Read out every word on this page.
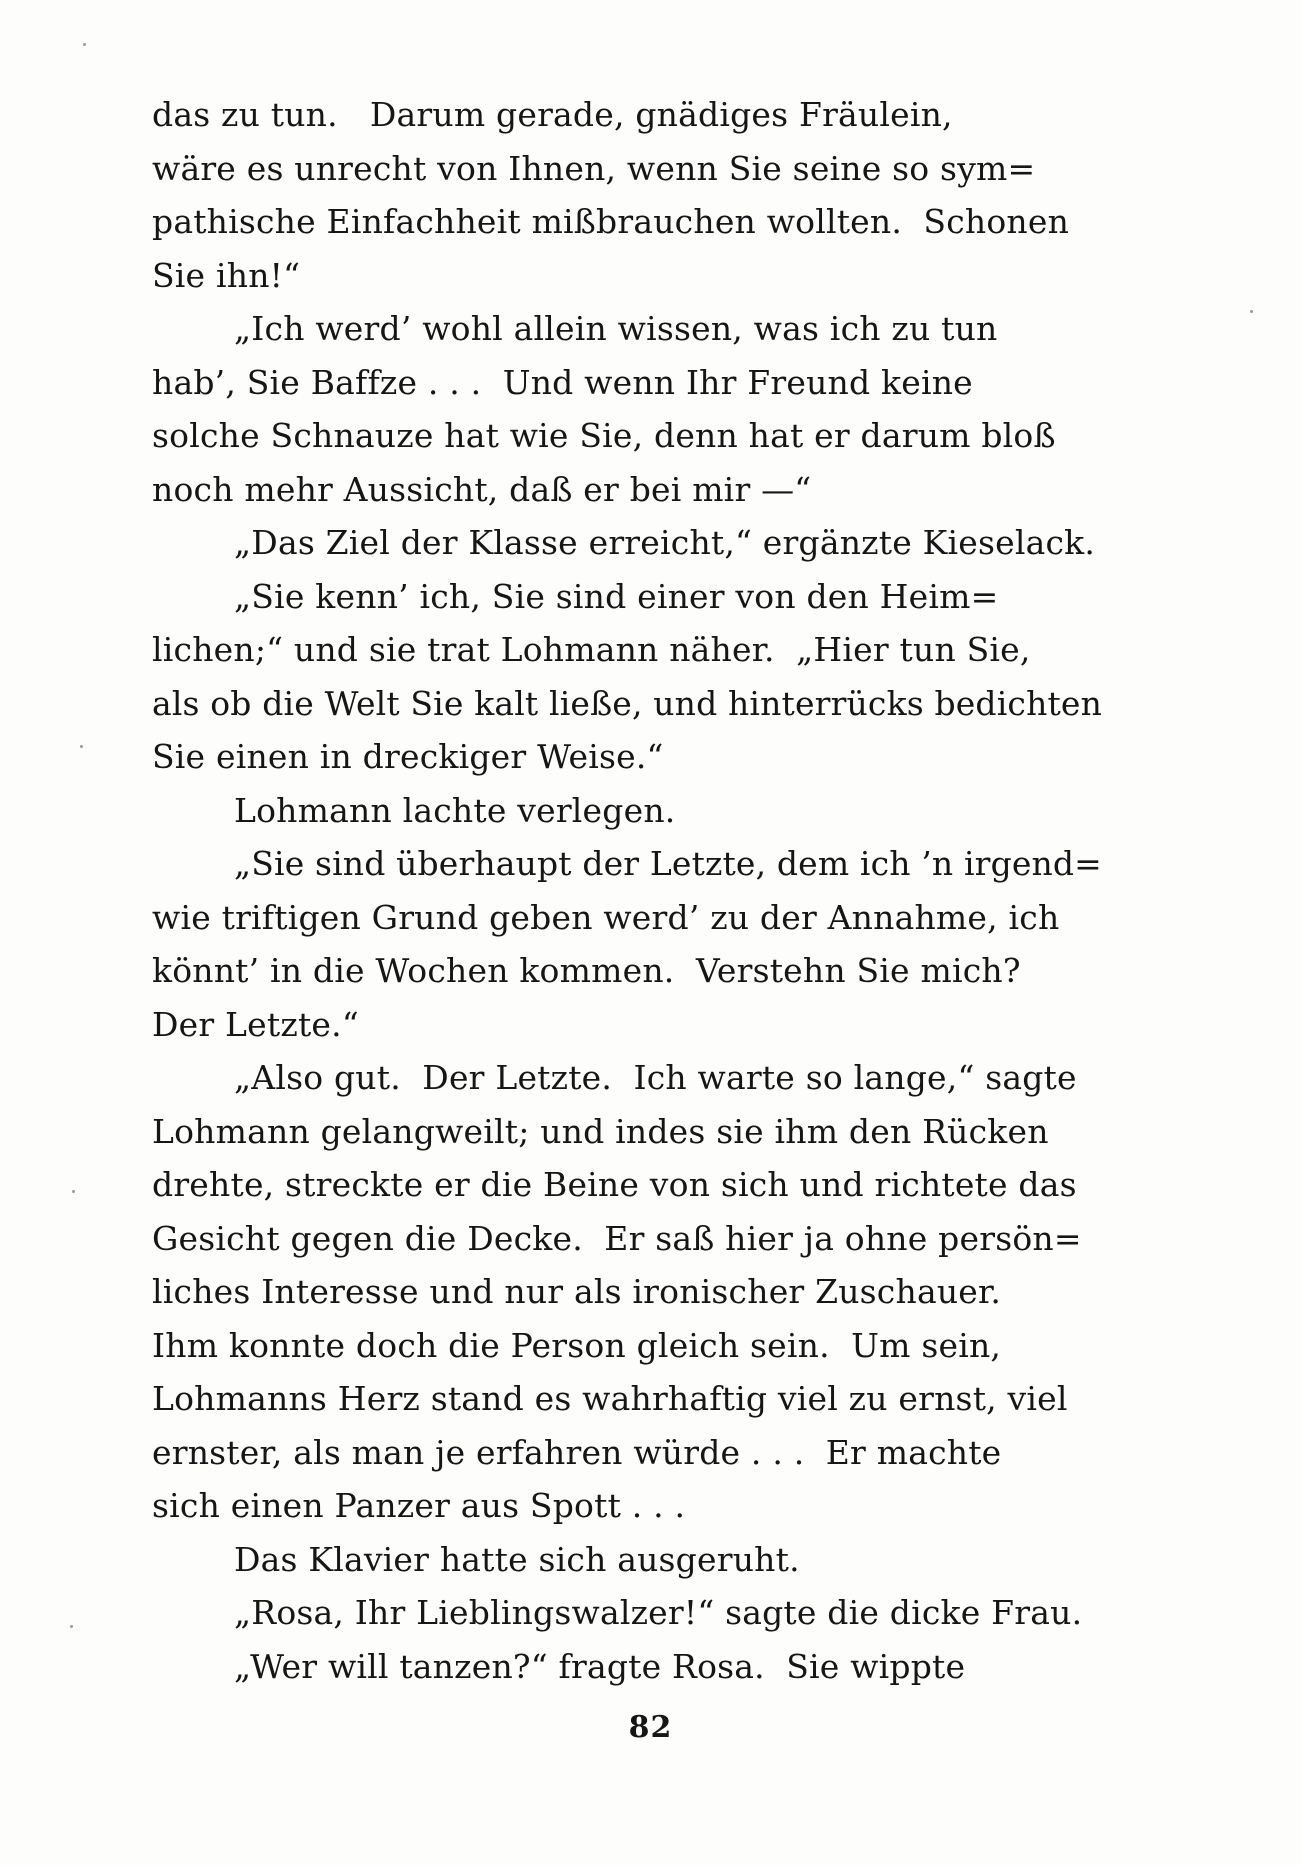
das zu tun.   Darum gerade, gnädiges Fräulein,
wäre es unrecht von Ihnen, wenn Sie seine so sym=
pathische Einfachheit mißbrauchen wollten.  Schonen
Sie ihn!“
„Ich werd’ wohl allein wissen, was ich zu tun
hab’, Sie Baffze . . .  Und wenn Ihr Freund keine
solche Schnauze hat wie Sie, denn hat er darum bloß
noch mehr Aussicht, daß er bei mir —“
„Das Ziel der Klasse erreicht,“ ergänzte Kieselack.
„Sie kenn’ ich, Sie sind einer von den Heim=
lichen;“ und sie trat Lohmann näher.  „Hier tun Sie,
als ob die Welt Sie kalt ließe, und hinterrücks bedichten
Sie einen in dreckiger Weise.“
Lohmann lachte verlegen.
„Sie sind überhaupt der Letzte, dem ich ’n irgend=
wie triftigen Grund geben werd’ zu der Annahme, ich
könnt’ in die Wochen kommen.  Verstehn Sie mich?
Der Letzte.“
„Also gut.  Der Letzte.  Ich warte so lange,“ sagte
Lohmann gelangweilt; und indes sie ihm den Rücken
drehte, streckte er die Beine von sich und richtete das
Gesicht gegen die Decke.  Er saß hier ja ohne persön=
liches Interesse und nur als ironischer Zuschauer.
Ihm konnte doch die Person gleich sein.  Um sein,
Lohmanns Herz stand es wahrhaftig viel zu ernst, viel
ernster, als man je erfahren würde . . .  Er machte
sich einen Panzer aus Spott . . .
Das Klavier hatte sich ausgeruht.
„Rosa, Ihr Lieblingswalzer!“ sagte die dicke Frau.
„Wer will tanzen?“ fragte Rosa.  Sie wippte
82
